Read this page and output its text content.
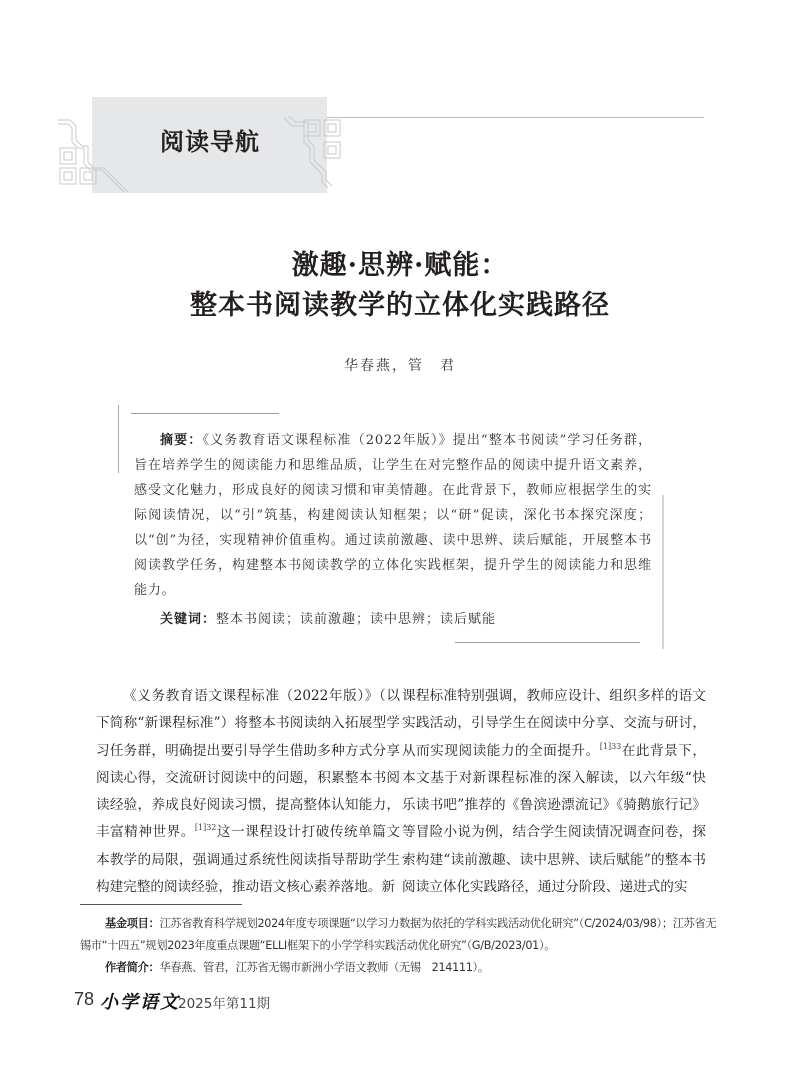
阅读导航
激趣·思辨·赋能：
整本书阅读教学的立体化实践路径
华春燕，管　君
摘要：《义务教育语文课程标准（2022年版）》提出“整本书阅读”学习任务群，旨在培养学生的阅读能力和思维品质，让学生在对完整作品的阅读中提升语文素养，感受文化魅力，形成良好的阅读习惯和审美情趣。在此背景下，教师应根据学生的实际阅读情况，以“引”筑基，构建阅读认知框架；以“研”促读，深化书本探究深度；以“创”为径，实现精神价值重构。通过读前激趣、读中思辨、读后赋能，开展整本书阅读教学任务，构建整本书阅读教学的立体化实践框架，提升学生的阅读能力和思维能力。
关键词：整本书阅读；读前激趣；读中思辨；读后赋能

《义务教育语文课程标准（2022年版）》（以下简称“新课程标准”）将整本书阅读纳入拓展型学习任务群，明确提出要引导学生借助多种方式分享阅读心得，交流研讨阅读中的问题，积累整本书阅读经验，养成良好阅读习惯，提高整体认知能力，丰富精神世界。$^{[1]32}$这一课程设计打破传统单篇文本教学的局限，强调通过系统性阅读指导帮助学生构建完整的阅读经验，推动语文核心素养落地。新

课程标准特别强调，教师应设计、组织多样的语文实践活动，引导学生在阅读中分享、交流与研讨，从而实现阅读能力的全面提升。$^{[1]33}$在此背景下，本文基于对新课程标准的深入解读，以六年级“快乐读书吧”推荐的《鲁滨逊漂流记》《骑鹅旅行记》等冒险小说为例，结合学生阅读情况调查问卷，探索构建“读前激趣、读中思辨、读后赋能”的整本书阅读立体化实践路径，通过分阶段、递进式的实

基金项目：江苏省教育科学规划2024年度专项课题“以学习力数据为依托的学科实践活动优化研究”（C/2024/03/98）；江苏省无锡市“十四五”规划2023年度重点课题“ELLI框架下的小学学科实践活动优化研究”（G/B/2023/01）。
作者简介：华春燕、管君，江苏省无锡市新洲小学语文教师（无锡　214111）。
78 小学语文
2025年第11期
